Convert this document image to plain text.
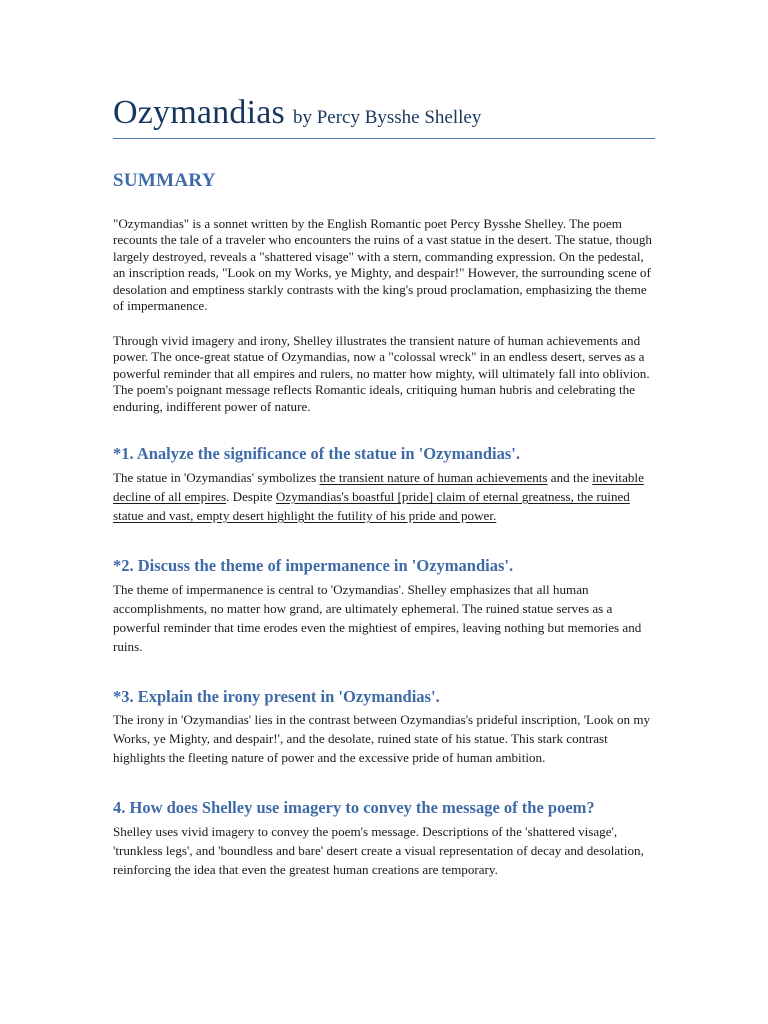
Ozymandias by Percy Bysshe Shelley
SUMMARY

"Ozymandias" is a sonnet written by the English Romantic poet Percy Bysshe Shelley. The poem recounts the tale of a traveler who encounters the ruins of a vast statue in the desert. The statue, though largely destroyed, reveals a "shattered visage" with a stern, commanding expression. On the pedestal, an inscription reads, "Look on my Works, ye Mighty, and despair!" However, the surrounding scene of desolation and emptiness starkly contrasts with the king's proud proclamation, emphasizing the theme of impermanence.

Through vivid imagery and irony, Shelley illustrates the transient nature of human achievements and power. The once-great statue of Ozymandias, now a "colossal wreck" in an endless desert, serves as a powerful reminder that all empires and rulers, no matter how mighty, will ultimately fall into oblivion. The poem's poignant message reflects Romantic ideals, critiquing human hubris and celebrating the enduring, indifferent power of nature.

*1. Analyze the significance of the statue in 'Ozymandias'.

The statue in 'Ozymandias' symbolizes the transient nature of human achievements and the inevitable decline of all empires. Despite Ozymandias's boastful [pride] claim of eternal greatness, the ruined statue and vast, empty desert highlight the futility of his pride and power.

*2. Discuss the theme of impermanence in 'Ozymandias'.

The theme of impermanence is central to 'Ozymandias'. Shelley emphasizes that all human accomplishments, no matter how grand, are ultimately ephemeral. The ruined statue serves as a powerful reminder that time erodes even the mightiest of empires, leaving nothing but memories and ruins.

*3. Explain the irony present in 'Ozymandias'.

The irony in 'Ozymandias' lies in the contrast between Ozymandias's prideful inscription, 'Look on my Works, ye Mighty, and despair!', and the desolate, ruined state of his statue. This stark contrast highlights the fleeting nature of power and the excessive pride of human ambition.

4. How does Shelley use imagery to convey the message of the poem?

Shelley uses vivid imagery to convey the poem's message. Descriptions of the 'shattered visage', 'trunkless legs', and 'boundless and bare' desert create a visual representation of decay and desolation, reinforcing the idea that even the greatest human creations are temporary.
